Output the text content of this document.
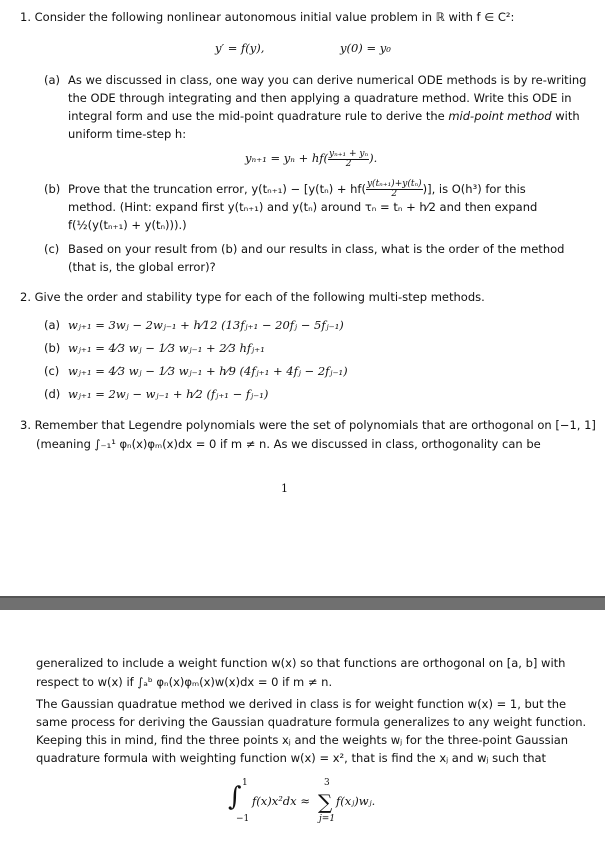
1. Consider the following nonlinear autonomous initial value problem in ℝ with f ∈ C²:
y′ = f(y),	y(0) = y₀
(a) As we discussed in class, one way you can derive numerical ODE methods is by re-writing
the ODE through integrating and then applying a quadrature method. Write this ODE in
integral form and use the mid-point quadrature rule to derive the mid-point method with
uniform time-step h:
$y_{n+1} = y_n + hf( \frac{\text{yₙ₊₁ + yₙ}}{2}$ ).
(b) Prove that the truncation error, $y(t_{n+1}) - [y(t_n) + hf( \frac{\text{y(tₙ₊₁)+y(tₙ)}}{2}$ )], is O(h³) for this
method. (Hint: expand first y(tₙ₊₁) and y(tₙ) around τₙ = tₙ + h⁄2 and then expand
f(½(y(tₙ₊₁) + y(tₙ))).)
(c) Based on your result from (b) and our results in class, what is the order of the method
(that is, the global error)?
2. Give the order and stability type for each of the following multi-step methods.
(a) wⱼ₊₁ = 3wⱼ − 2wⱼ₋₁ + h⁄12 (13fⱼ₊₁ − 20fⱼ − 5fⱼ₋₁)
(b) wⱼ₊₁ = 4⁄3 wⱼ − 1⁄3 wⱼ₋₁ + 2⁄3 hfⱼ₊₁
(c) wⱼ₊₁ = 4⁄3 wⱼ − 1⁄3 wⱼ₋₁ + h⁄9 (4fⱼ₊₁ + 4fⱼ − 2fⱼ₋₁)
(d) wⱼ₊₁ = 2wⱼ − wⱼ₋₁ + h⁄2 (fⱼ₊₁ − fⱼ₋₁)
3. Remember that Legendre polynomials were the set of polynomials that are orthogonal on [−1, 1]
(meaning ∫₋₁¹ φₙ(x)φₘ(x)dx = 0 if m ≠ n. As we discussed in class, orthogonality can be
1
generalized to include a weight function w(x) so that functions are orthogonal on [a, b] with
respect to w(x) if ∫ₐᵇ φₙ(x)φₘ(x)w(x)dx = 0 if m ≠ n.
The Gaussian quadratue method we derived in class is for weight function w(x) = 1, but the
same process for deriving the Gaussian quadrature formula generalizes to any weight function.
Keeping this in mind, find the three points xⱼ and the weights wⱼ for the three-point Gaussian
quadrature formula with weighting function w(x) = x², that is find the xⱼ and wⱼ such that
∫ 1
−1
f(x)x²dx ≈ ∑
3
j=1
f(xⱼ)wⱼ.
